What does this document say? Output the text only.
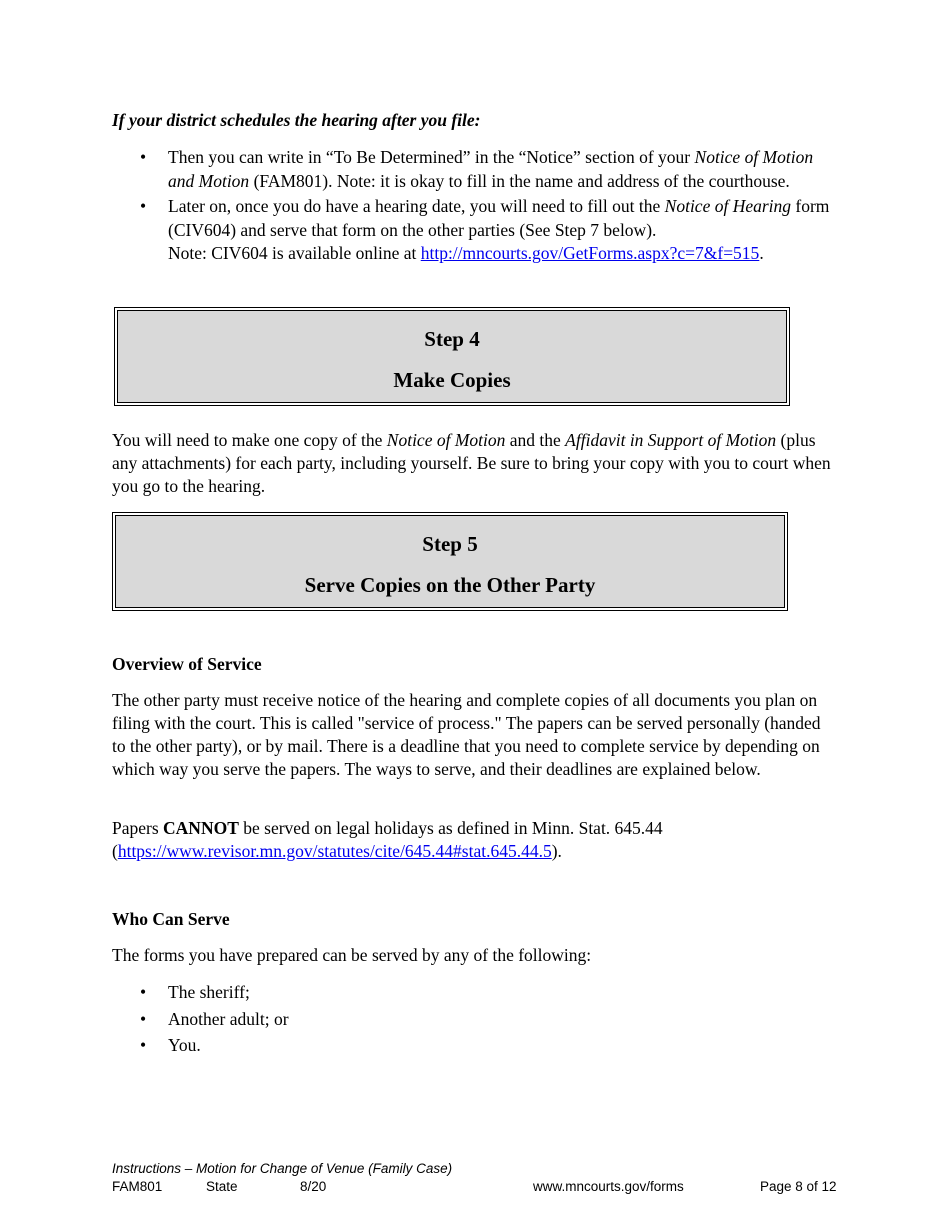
If your district schedules the hearing after you file:
• Then you can write in “To Be Determined” in the “Notice” section of your Notice of Motion and Motion (FAM801). Note: it is okay to fill in the name and address of the courthouse.
• Later on, once you do have a hearing date, you will need to fill out the Notice of Hearing form (CIV604) and serve that form on the other parties (See Step 7 below).
Note: CIV604 is available online at http://mncourts.gov/GetForms.aspx?c=7&f=515.
Step 4
Make Copies
You will need to make one copy of the Notice of Motion and the Affidavit in Support of Motion (plus any attachments) for each party, including yourself. Be sure to bring your copy with you to court when you go to the hearing.
Step 5
Serve Copies on the Other Party
Overview of Service
The other party must receive notice of the hearing and complete copies of all documents you plan on filing with the court. This is called "service of process." The papers can be served personally (handed to the other party), or by mail. There is a deadline that you need to complete service by depending on which way you serve the papers. The ways to serve, and their deadlines are explained below.
Papers CANNOT be served on legal holidays as defined in Minn. Stat. 645.44
(https://www.revisor.mn.gov/statutes/cite/645.44#stat.645.44.5).
Who Can Serve
The forms you have prepared can be served by any of the following:
• The sheriff;
• Another adult; or
• You.
Instructions – Motion for Change of Venue (Family Case)
FAM801	State	8/20	www.mncourts.gov/forms	Page 8 of 12
